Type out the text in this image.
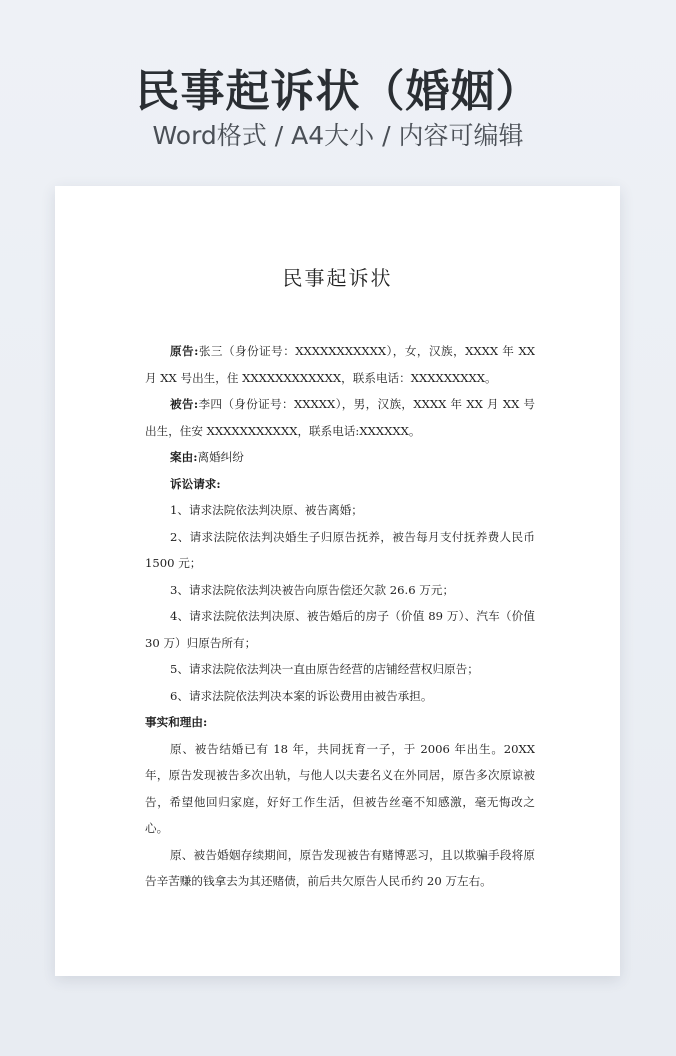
民事起诉状（婚姻）
Word格式 / A4大小 / 内容可编辑
民事起诉状

原告:张三（身份证号：XXXXXXXXXXX），女，汉族，XXXX 年 XX 月 XX 号出生，住 XXXXXXXXXXXX，联系电话：XXXXXXXXX。

被告:李四（身份证号：XXXXX），男，汉族，XXXX 年 XX 月 XX 号出生，住安 XXXXXXXXXXX，联系电话:XXXXXX。

案由:离婚纠纷

诉讼请求:

1、请求法院依法判决原、被告离婚；

2、请求法院依法判决婚生子归原告抚养，被告每月支付抚养费人民币 1500 元；

3、请求法院依法判决被告向原告偿还欠款 26.6 万元；

4、请求法院依法判决原、被告婚后的房子（价值 89 万）、汽车（价值 30 万）归原告所有；

5、请求法院依法判决一直由原告经营的店铺经营权归原告；

6、请求法院依法判决本案的诉讼费用由被告承担。

事实和理由:

原、被告结婚已有 18 年，共同抚育一子，于 2006 年出生。20XX 年，原告发现被告多次出轨，与他人以夫妻名义在外同居，原告多次原谅被告，希望他回归家庭，好好工作生活，但被告丝毫不知感激，毫无悔改之心。

原、被告婚姻存续期间，原告发现被告有赌博恶习，且以欺骗手段将原告辛苦赚的钱拿去为其还赌债，前后共欠原告人民币约 20 万左右。
